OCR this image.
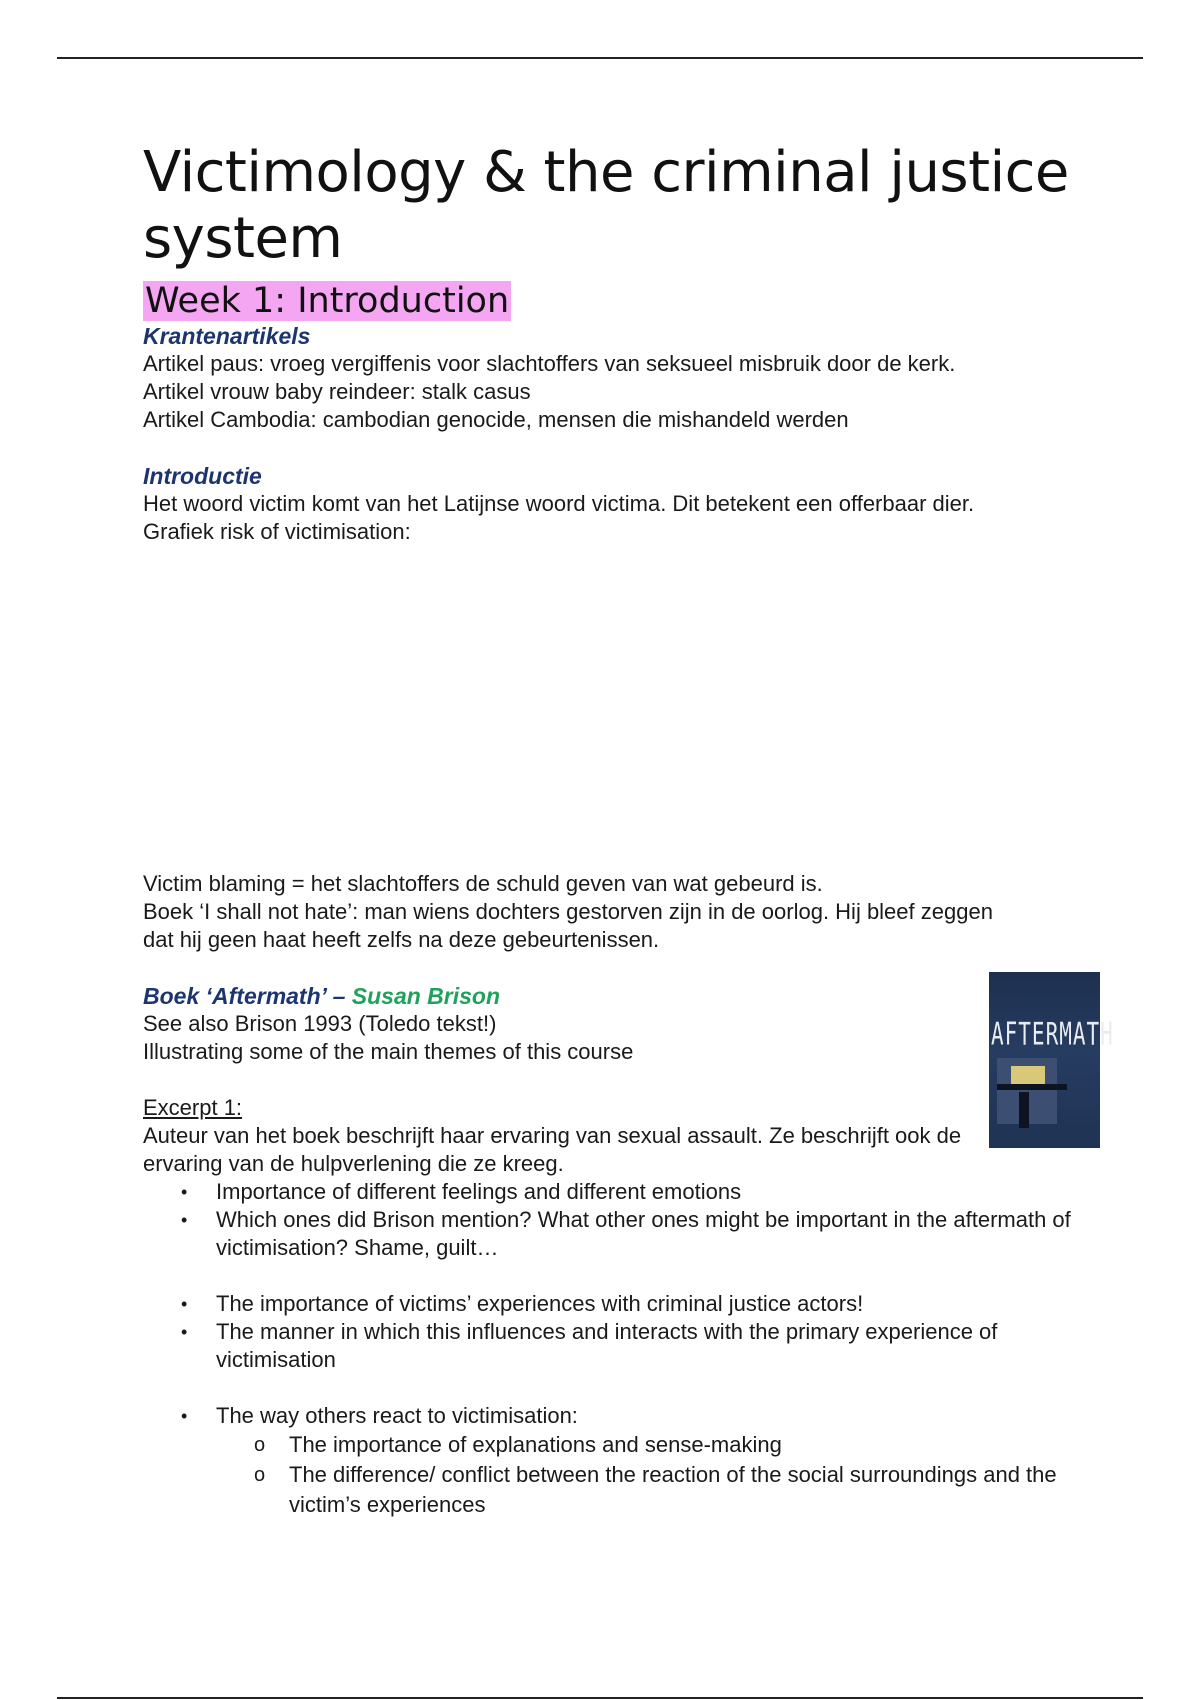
Victimology & the criminal justice system
Week 1: Introduction

Krantenartikels

Artikel paus: vroeg vergiffenis voor slachtoffers van seksueel misbruik door de kerk.

Artikel vrouw baby reindeer: stalk casus

Artikel Cambodia: cambodian genocide, mensen die mishandeld werden

Introductie

Het woord victim komt van het Latijnse woord victima. Dit betekent een offerbaar dier.

Grafiek risk of victimisation:

Victim blaming = het slachtoffers de schuld geven van wat gebeurd is.

Boek ‘I shall not hate’: man wiens dochters gestorven zijn in de oorlog. Hij bleef zeggen dat hij geen haat heeft zelfs na deze gebeurtenissen.

Boek ‘Aftermath’ – Susan Brison

See also Brison 1993 (Toledo tekst!)

Illustrating some of the main themes of this course

Excerpt 1:

Auteur van het boek beschrijft haar ervaring van sexual assault. Ze beschrijft ook de ervaring van de hulpverlening die ze kreeg.

• Importance of different feelings and different emotions
• Which ones did Brison mention? What other ones might be important in the aftermath of victimisation? Shame, guilt…
• The importance of victims’ experiences with criminal justice actors!
• The manner in which this influences and interacts with the primary experience of victimisation
• The way others react to victimisation:
o The importance of explanations and sense-making
o The difference/ conflict between the reaction of the social surroundings and the victim’s experiences
AFTERMATH
